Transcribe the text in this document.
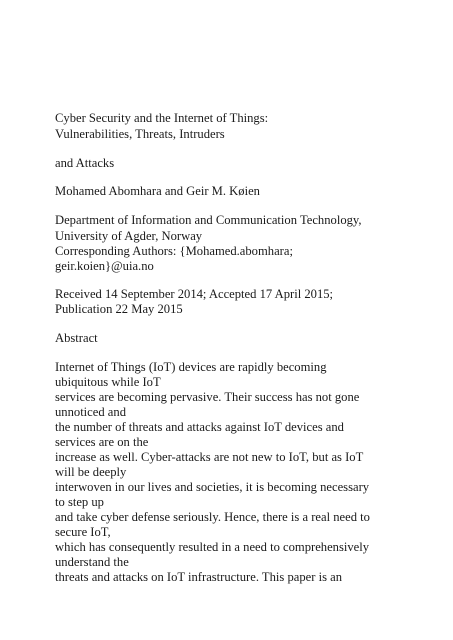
Cyber Security and the Internet of Things:

Vulnerabilities, Threats, Intruders

and Attacks

Mohamed Abomhara and Geir M. Køien

Department of Information and Communication Technology,

University of Agder, Norway

Corresponding Authors: {Mohamed.abomhara;

geir.koien}@uia.no

Received 14 September 2014; Accepted 17 April 2015;

Publication 22 May 2015

Abstract

Internet of Things (IoT) devices are rapidly becoming

ubiquitous while IoT

services are becoming pervasive. Their success has not gone

unnoticed and

the number of threats and attacks against IoT devices and

services are on the

increase as well. Cyber-attacks are not new to IoT, but as IoT

will be deeply

interwoven in our lives and societies, it is becoming necessary

to step up

and take cyber defense seriously. Hence, there is a real need to

secure IoT,

which has consequently resulted in a need to comprehensively

understand the

threats and attacks on IoT infrastructure. This paper is an
